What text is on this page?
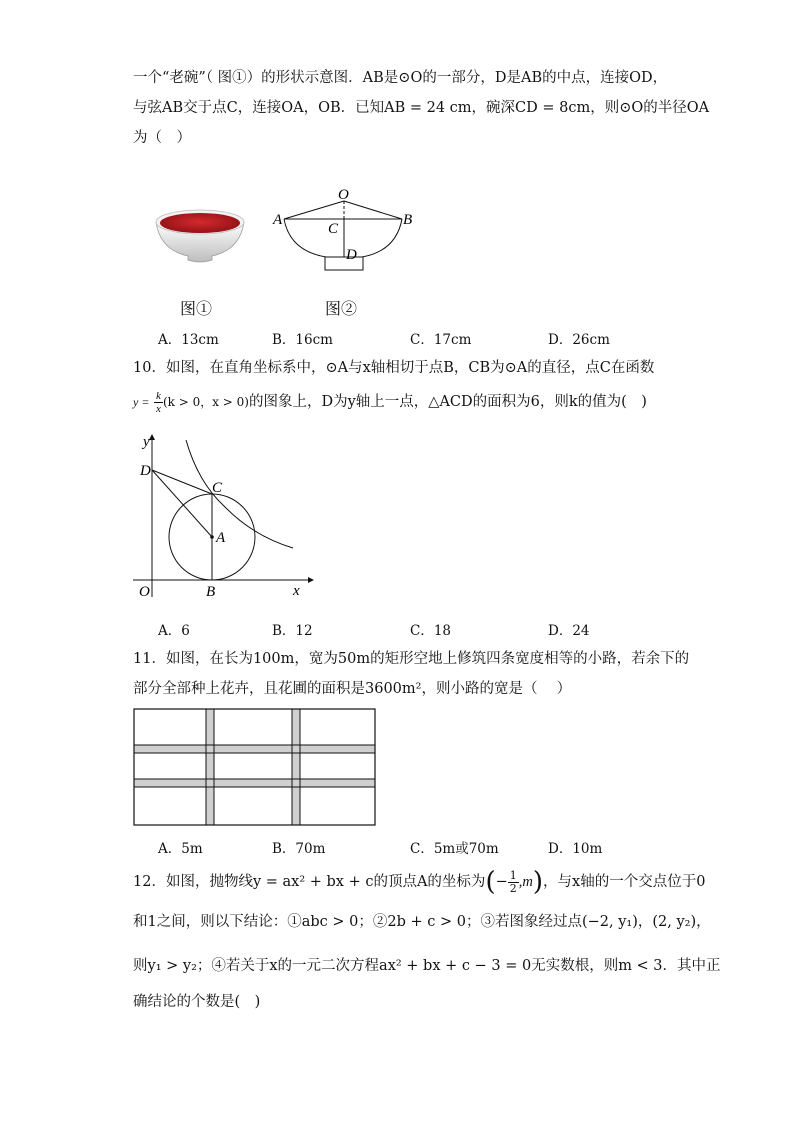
一个“老碗”（ 图①）的形状示意图．AB是⊙O的一部分，D是AB的中点，连接OD，
与弦AB交于点C，连接OA，OB．已知AB = 24 cm，碗深CD = 8cm，则⊙O的半径OA
为（　）
O
A	B
C
D
图①	图②
A．13cm	B．16cm	C．17cm	D．26cm
10．如图，在直角坐标系中，⊙A与x轴相切于点B，CB为⊙A的直径，点C在函数
$y = \frac{k}{x} (k > 0$，x > 0)的图象上，D为y轴上一点，△ACD的面积为6，则k的值为(　)
y
x
O	B
D
C
A
A．6	B．12	C．18	D．24
11．如图，在长为100m，宽为50m的矩形空地上修筑四条宽度相等的小路，若余下的
部分全部种上花卉，且花圃的面积是3600m²，则小路的宽是（　 ）
A．5m	B．70m	C．5m或70m	D．10m
12．如图，抛物线y = ax² + bx + c的顶点A的坐标为(− $\frac{1}{2} ,m$)，与x轴的一个交点位于0
和1之间，则以下结论：①abc > 0；②2b + c > 0；③若图象经过点(−2, y₁)，(2, y₂)，
则y₁ > y₂；④若关于x的一元二次方程ax² + bx + c − 3 = 0无实数根，则m < 3．其中正
确结论的个数是(　)
